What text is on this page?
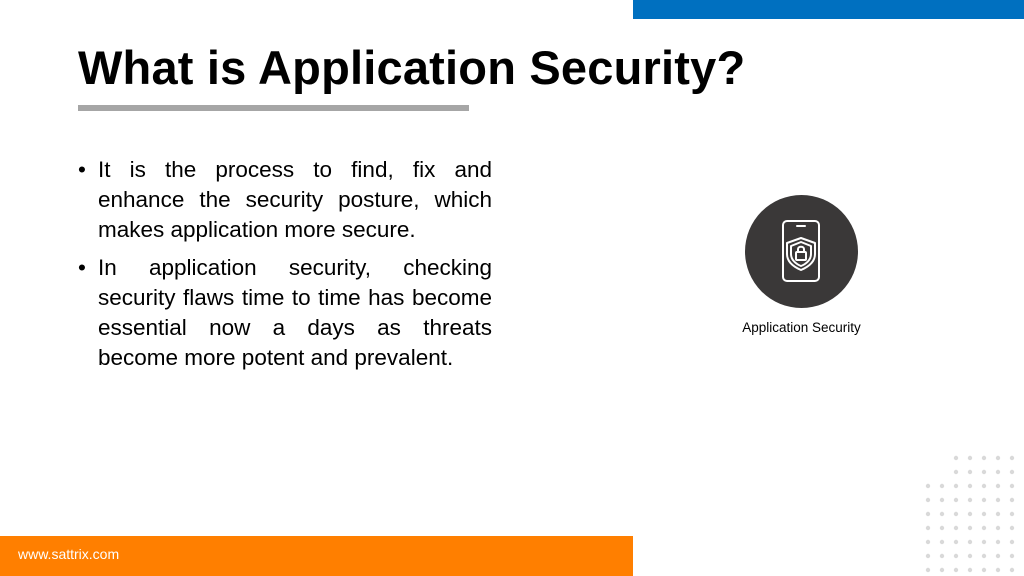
What is Application Security?
• It is the process to find, fix and enhance the security posture, which makes application more secure.
• In application security, checking security flaws time to time has become essential now a days as threats become more potent and prevalent.
Application Security
www.sattrix.com
